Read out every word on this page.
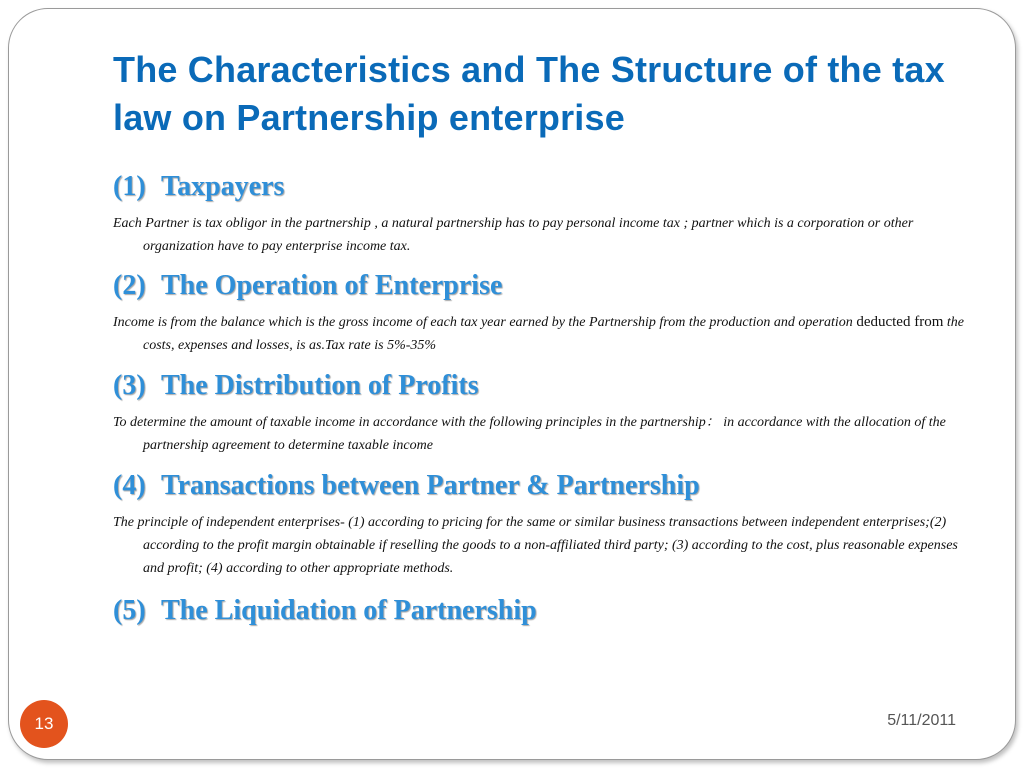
The Characteristics and The Structure of the tax law on Partnership enterprise
(1) Taxpayers

Each Partner is tax obligor in the partnership , a natural partnership has to pay personal income tax ; partner which is a corporation or other organization have to pay enterprise income tax.

(2) The Operation of Enterprise

Income is from the balance which is the gross income of each tax year earned by the Partnership from the production and operation deducted from the costs, expenses and losses, is as.Tax rate is 5%-35%

(3) The Distribution of Profits

To determine the amount of taxable income in accordance with the following principles in the partnership： in accordance with the allocation of the partnership agreement to determine taxable income

(4) Transactions between Partner & Partnership

The principle of independent enterprises- (1) according to pricing for the same or similar business transactions between independent enterprises;(2) according to the profit margin obtainable if reselling the goods to a non-affiliated third party; (3) according to the cost, plus reasonable expenses and profit; (4) according to other appropriate methods.

(5) The Liquidation of Partnership
13	5/11/2011
